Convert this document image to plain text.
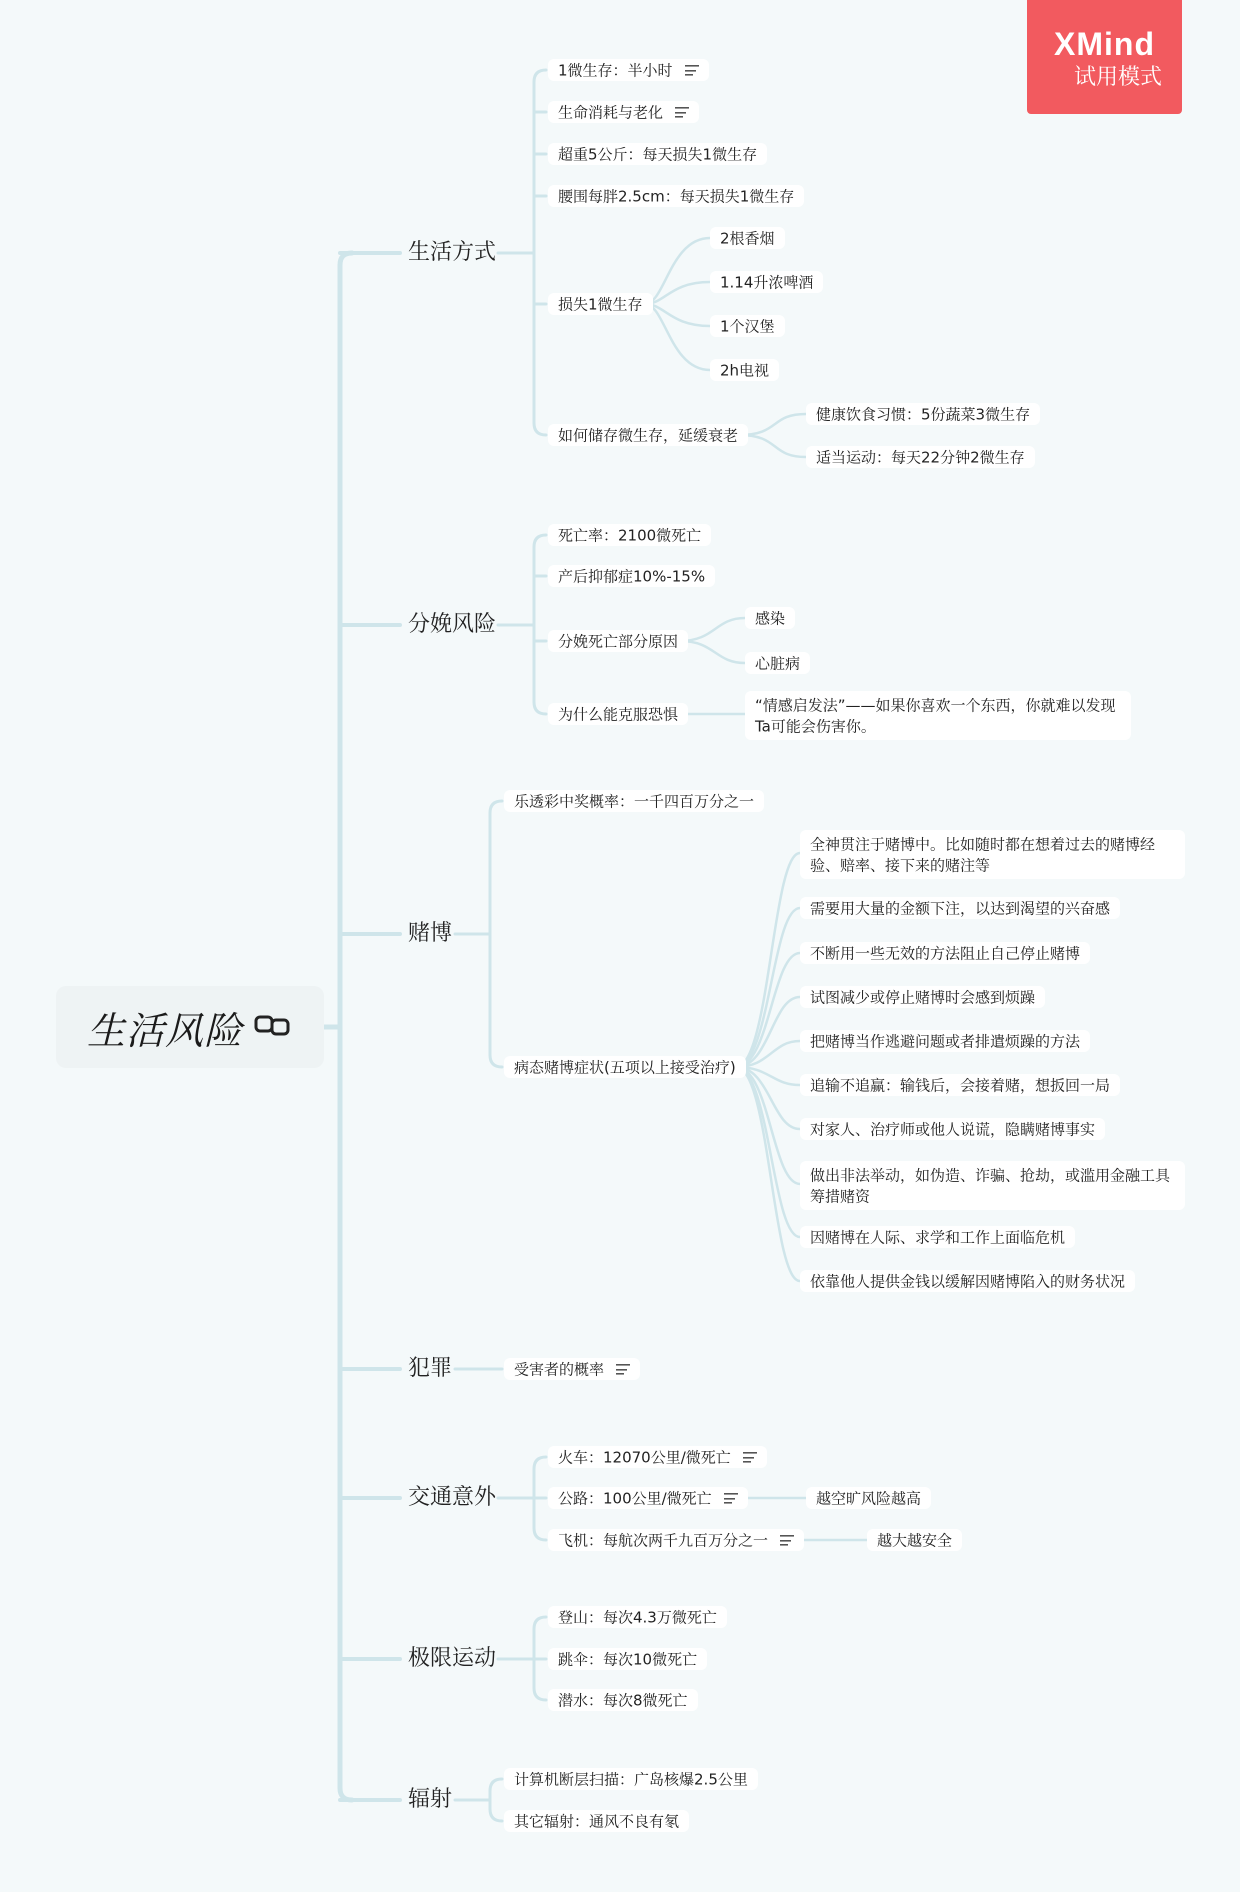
XMind
试用模式
生活风险
生活方式
分娩风险
赌博
犯罪
交通意外
极限运动
辐射
1微生存：半小时
生命消耗与老化
超重5公斤：每天损失1微生存
腰围每胖2.5cm：每天损失1微生存
损失1微生存
2根香烟
1.14升浓啤酒
1个汉堡
2h电视
如何储存微生存，延缓衰老
健康饮食习惯：5份蔬菜3微生存
适当运动：每天22分钟2微生存
死亡率：2100微死亡
产后抑郁症10%-15%
分娩死亡部分原因
感染
心脏病
为什么能克服恐惧	“情感启发法”——如果你喜欢一个东西，你就难以发现Ta可能会伤害你。
乐透彩中奖概率：一千四百万分之一
病态赌博症状(五项以上接受治疗)
全神贯注于赌博中。比如随时都在想着过去的赌博经验、赔率、接下来的赌注等
需要用大量的金额下注，以达到渴望的兴奋感
不断用一些无效的方法阻止自己停止赌博
试图减少或停止赌博时会感到烦躁
把赌博当作逃避问题或者排遣烦躁的方法
追输不追赢：输钱后，会接着赌，想扳回一局
对家人、治疗师或他人说谎，隐瞒赌博事实
做出非法举动，如伪造、诈骗、抢劫，或滥用金融工具筹措赌资
因赌博在人际、求学和工作上面临危机
依靠他人提供金钱以缓解因赌博陷入的财务状况
受害者的概率
火车：12070公里/微死亡
公路：100公里/微死亡	越空旷风险越高
飞机：每航次两千九百万分之一	越大越安全
登山：每次4.3万微死亡
跳伞：每次10微死亡
潜水：每次8微死亡
计算机断层扫描：广岛核爆2.5公里
其它辐射：通风不良有氡
